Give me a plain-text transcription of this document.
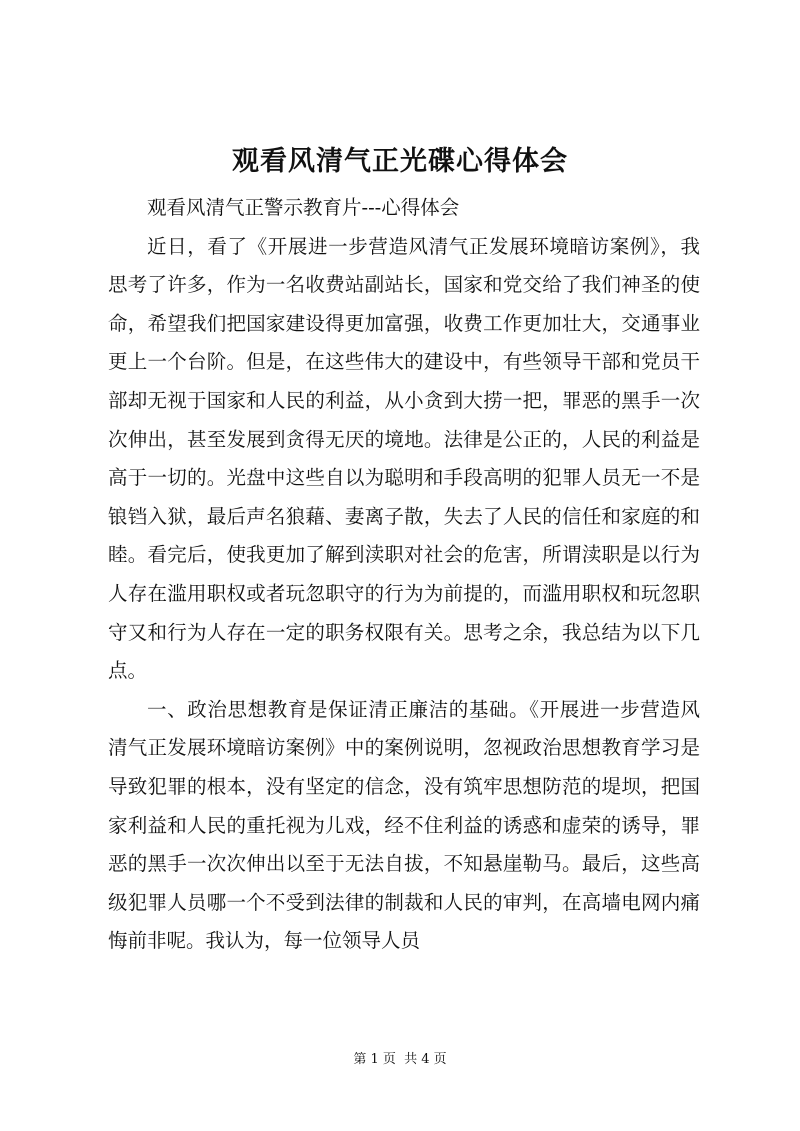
观看风清气正光碟心得体会

观看风清气正警示教育片---心得体会

近日，看了《开展进一步营造风清气正发展环境暗访案例》，我思考了许多，作为一名收费站副站长，国家和党交给了我们神圣的使命，希望我们把国家建设得更加富强，收费工作更加壮大，交通事业更上一个台阶。但是，在这些伟大的建设中，有些领导干部和党员干部却无视于国家和人民的利益，从小贪到大捞一把，罪恶的黑手一次次伸出，甚至发展到贪得无厌的境地。法律是公正的，人民的利益是高于一切的。光盘中这些自以为聪明和手段高明的犯罪人员无一不是锒铛入狱，最后声名狼藉、妻离子散，失去了人民的信任和家庭的和睦。看完后，使我更加了解到渎职对社会的危害，所谓渎职是以行为人存在滥用职权或者玩忽职守的行为为前提的，而滥用职权和玩忽职守又和行为人存在一定的职务权限有关。思考之余，我总结为以下几点。

一、政治思想教育是保证清正廉洁的基础。《开展进一步营造风清气正发展环境暗访案例》中的案例说明，忽视政治思想教育学习是导致犯罪的根本，没有坚定的信念，没有筑牢思想防范的堤坝，把国家利益和人民的重托视为儿戏，经不住利益的诱惑和虚荣的诱导，罪恶的黑手一次次伸出以至于无法自拔，不知悬崖勒马。最后，这些高级犯罪人员哪一个不受到法律的制裁和人民的审判，在高墙电网内痛悔前非呢。我认为，每一位领导人员

第 1 页 共 4 页
